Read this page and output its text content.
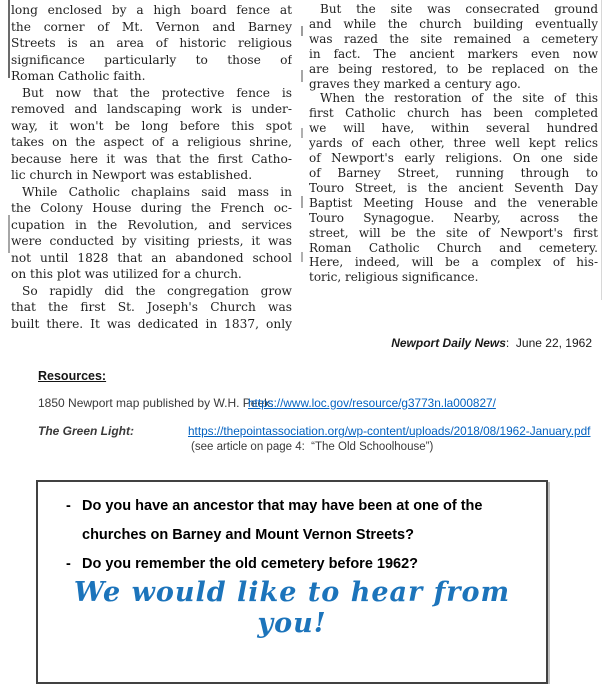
long enclosed by a high board fence at
the corner of Mt. Vernon and Barney
Streets is an area of historic religious
significance particularly to those of
Roman Catholic faith.
But now that the protective fence is
removed and landscaping work is under-
way, it won't be long before this spot
takes on the aspect of a religious shrine,
because here it was that the first Catho-
lic church in Newport was established.
While Catholic chaplains said mass in
the Colony House during the French oc-
cupation in the Revolution, and services
were conducted by visiting priests, it was
not until 1828 that an abandoned school
on this plot was utilized for a church.
So rapidly did the congregation grow
that the first St. Joseph's Church was
built there. It was dedicated in 1837, only
But the site was consecrated ground
and while the church building eventually
was razed the site remained a cemetery
in fact. The ancient markers even now
are being restored, to be replaced on the
graves they marked a century ago.
When the restoration of the site of this
first Catholic church has been completed
we will have, within several hundred
yards of each other, three well kept relics
of Newport's early religions. On one side
of Barney Street, running through to
Touro Street, is the ancient Seventh Day
Baptist Meeting House and the venerable
Touro Synagogue. Nearby, across the
street, will be the site of Newport's first
Roman Catholic Church and cemetery.
Here, indeed, will be a complex of his-
toric, religious significance.
Newport Daily News:  June 22, 1962
Resources:
1850 Newport map published by W.H. Peek:
https://www.loc.gov/resource/g3773n.la000827/
The Green Light:	https://thepointassociation.org/wp-content/uploads/2018/08/1962-January.pdf
(see article on page 4:  “The Old Schoolhouse”)
- Do you have an ancestor that may have been at one of the churches on Barney and Mount Vernon Streets?
- Do you remember the old cemetery before 1962?
We would like to hear from you!
